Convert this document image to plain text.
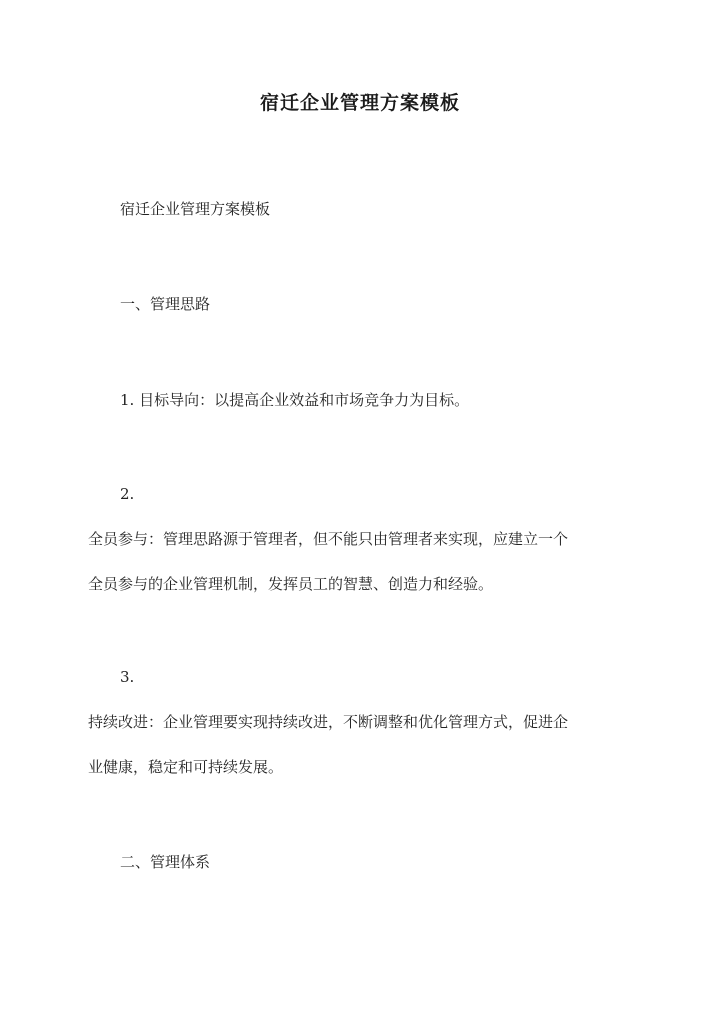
宿迁企业管理方案模板
宿迁企业管理方案模板
一、管理思路
1. 目标导向：以提高企业效益和市场竞争力为目标。
2.
全员参与：管理思路源于管理者，但不能只由管理者来实现，应建立一个
全员参与的企业管理机制，发挥员工的智慧、创造力和经验。
3.
持续改进：企业管理要实现持续改进，不断调整和优化管理方式，促进企
业健康，稳定和可持续发展。
二、管理体系
